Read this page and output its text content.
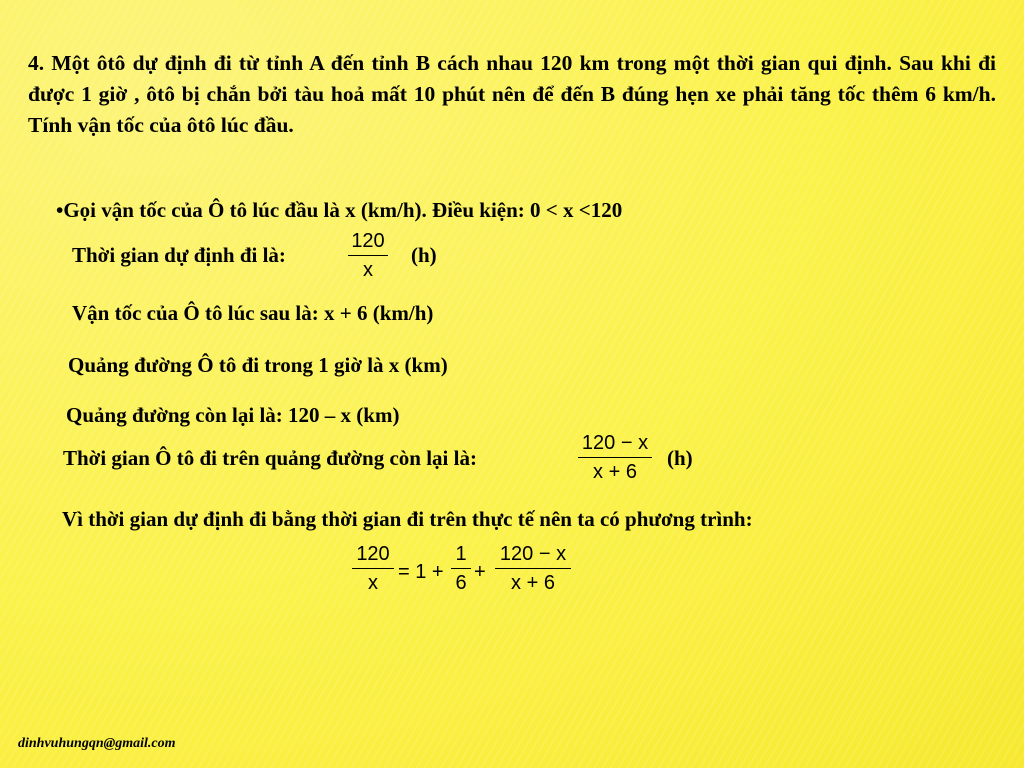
4. Một ôtô dự định đi từ tỉnh A đến tỉnh B cách nhau 120 km trong một thời gian qui định. Sau khi đi được 1 giờ , ôtô bị chắn bởi tàu hoả mất 10 phút nên để đến B đúng hẹn xe phải tăng tốc thêm 6 km/h. Tính vận tốc của ôtô lúc đầu.
•Gọi vận tốc của Ô tô lúc đầu là x (km/h). Điều kiện: 0 < x <120
Thời gian dự định đi là:
120
x
(h)
Vận tốc của Ô tô lúc sau là: x + 6 (km/h)
Quảng đường Ô tô đi trong 1 giờ là x (km)
Quảng đường còn lại là: 120 – x (km)
Thời gian Ô tô đi trên quảng đường còn lại là:
120 − x
x + 6
(h)
Vì thời gian dự định đi bằng thời gian đi trên thực tế nên ta có phương trình:
120
x	= 1 +
1
6 +
120 − x
x + 6
dinhvuhungqn@gmail.com
